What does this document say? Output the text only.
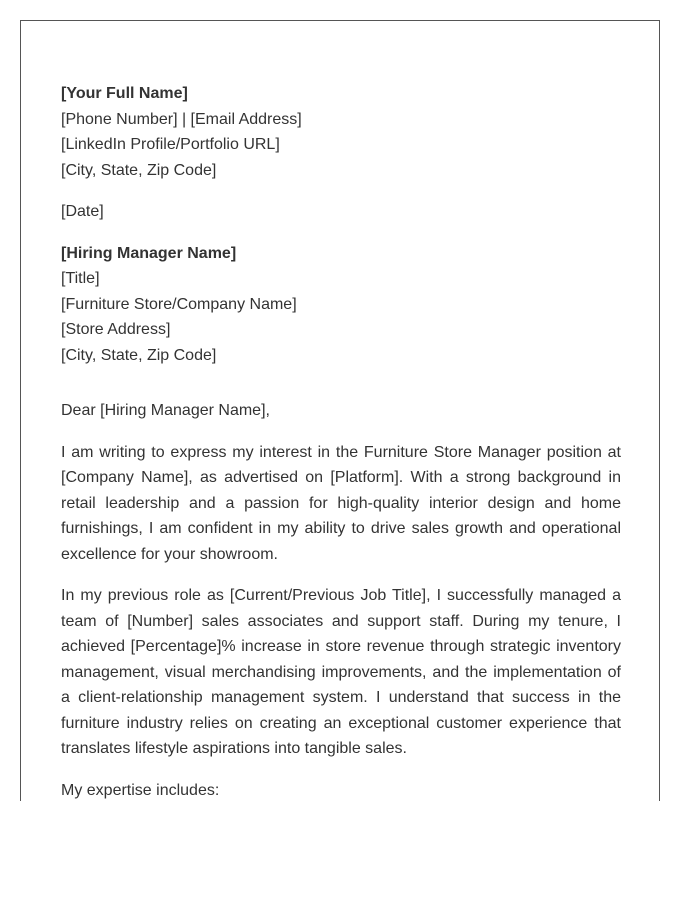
[Your Full Name]
[Phone Number] | [Email Address]
[LinkedIn Profile/Portfolio URL]
[City, State, Zip Code]
[Date]
[Hiring Manager Name]
[Title]
[Furniture Store/Company Name]
[Store Address]
[City, State, Zip Code]

Dear [Hiring Manager Name],

I am writing to express my interest in the Furniture Store Manager position at [Company Name], as advertised on [Platform]. With a strong background in retail leadership and a passion for high-quality interior design and home furnishings, I am confident in my ability to drive sales growth and operational excellence for your showroom.

In my previous role as [Current/Previous Job Title], I successfully managed a team of [Number] sales associates and support staff. During my tenure, I achieved [Percentage]% increase in store revenue through strategic inventory management, visual merchandising improvements, and the implementation of a client-relationship management system. I understand that success in the furniture industry relies on creating an exceptional customer experience that translates lifestyle aspirations into tangible sales.

My expertise includes:
